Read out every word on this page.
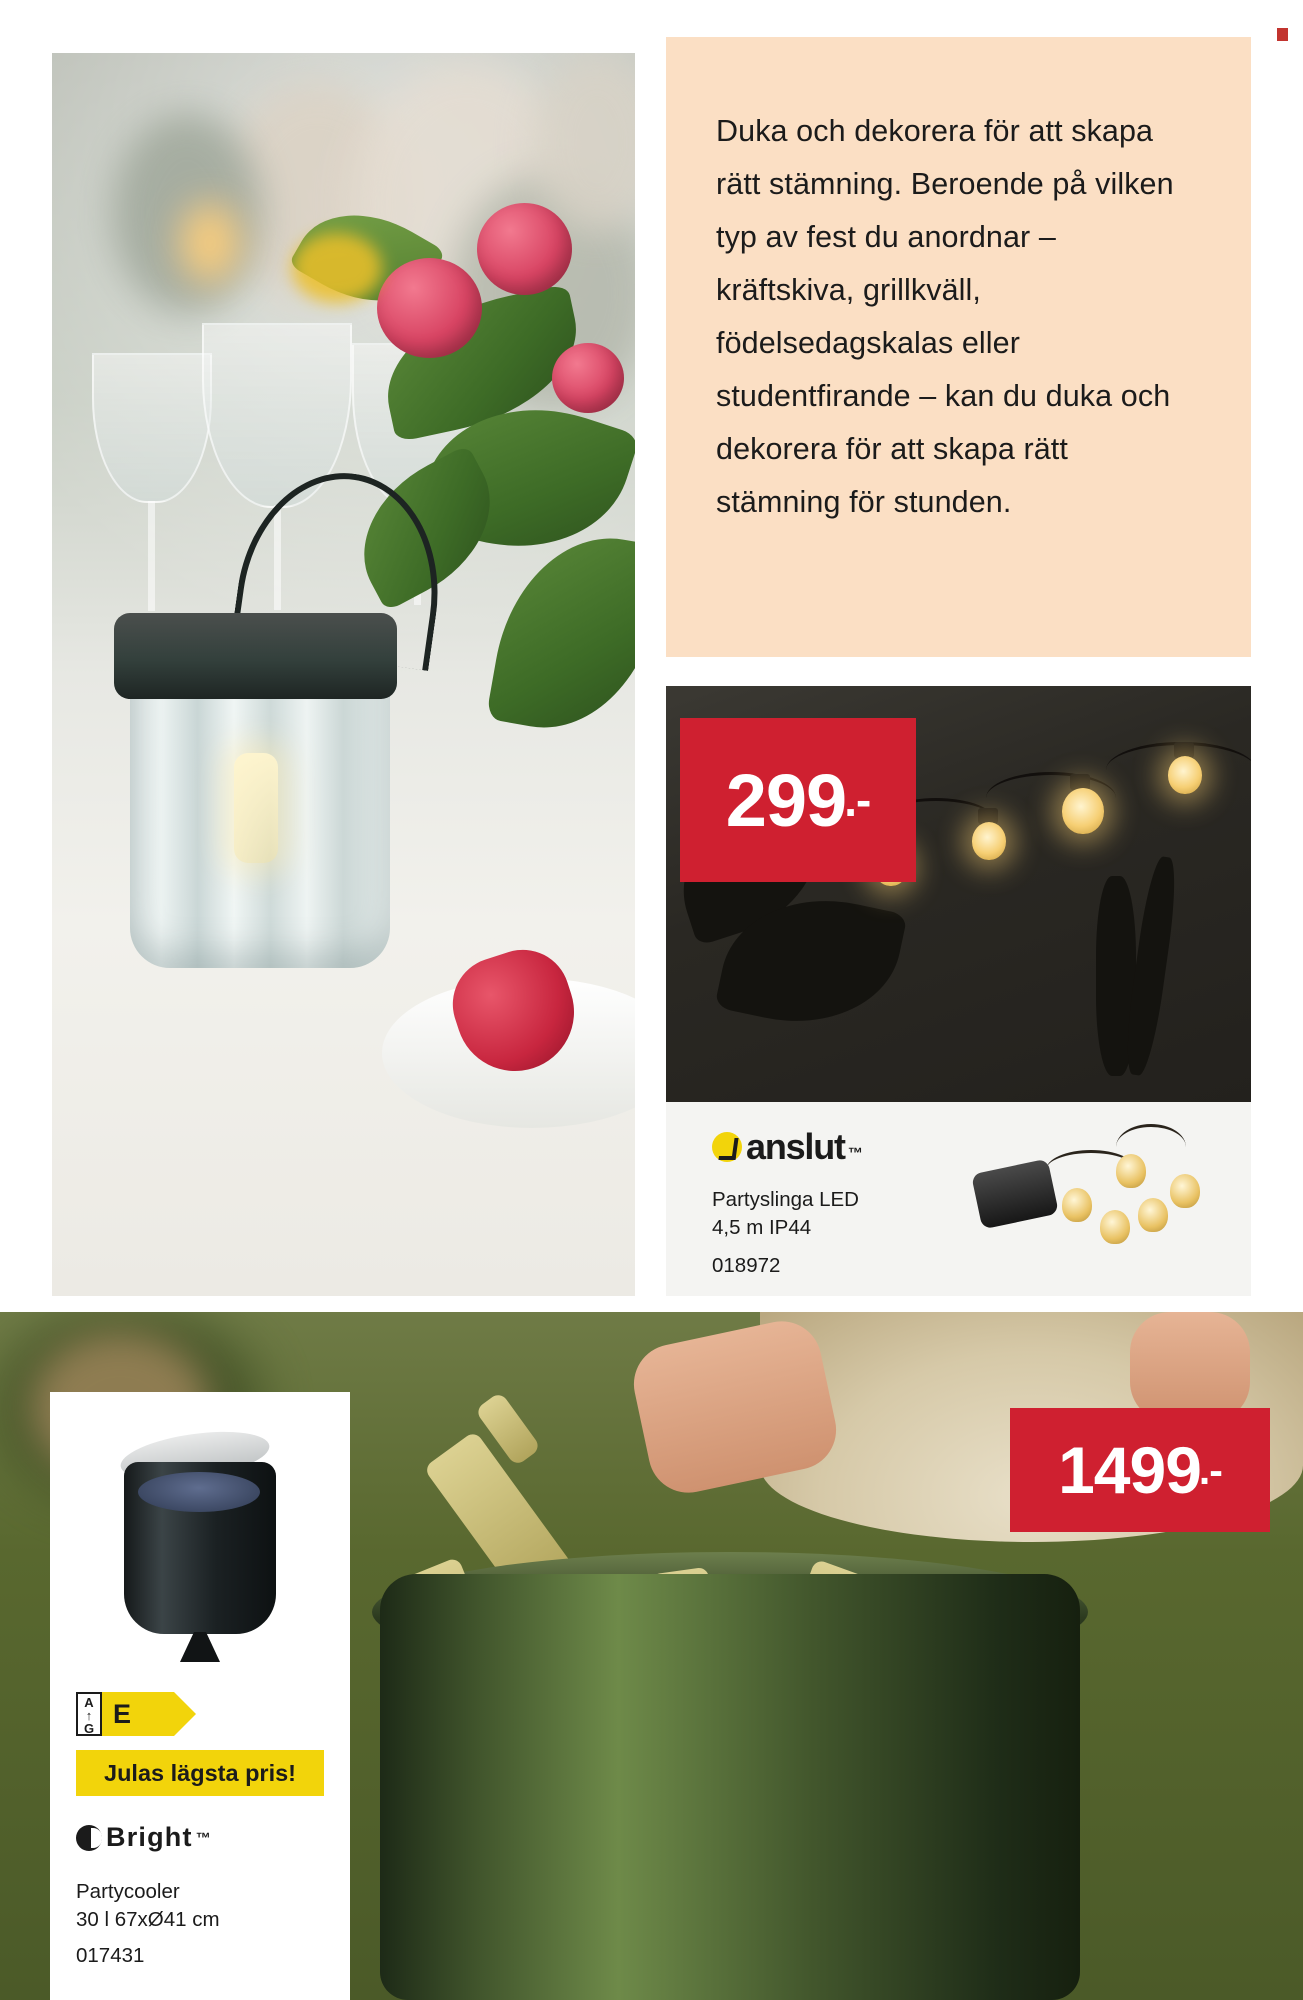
Duka och dekorera för att skapa rätt stämning. Beroende på vilken typ av fest du anordnar – kräftskiva, grillkväll, födelsedagskalas eller studentfirande – kan du duka och dekorera för att skapa rätt stämning för stunden.
299
.-
anslut ™
Partyslinga LED
4,5 m IP44
018972
1499
.-
A
↑
G E
Julas lägsta pris!
Bright ™
Partycooler
30 l 67xØ41 cm
017431
